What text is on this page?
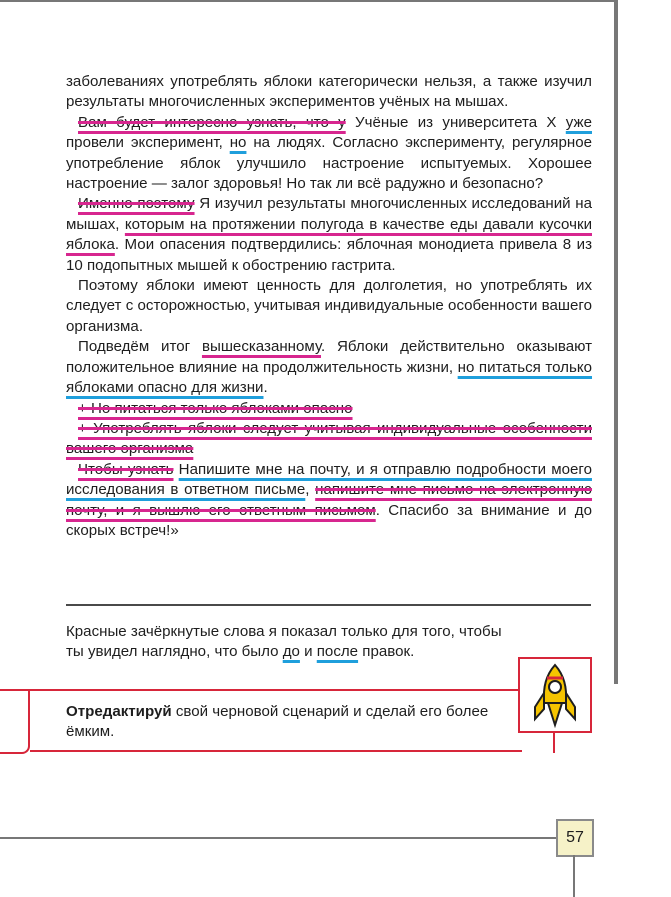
заболеваниях употреблять яблоки категорически нельзя, а также изучил результаты многочисленных экспериментов учёных на мышах.

Вам будет интересно узнать, что у Учёные из университета Х уже провели эксперимент, но на людях. Согласно эксперименту, регулярное употребление яблок улучшило настроение испытуемых. Хорошее настроение — залог здоровья! Но так ли всё радужно и безопасно?

Именно поэтому Я изучил результаты многочисленных исследований на мышах, которым на протяжении полугода в качестве еды давали кусочки яблока. Мои опасения подтвердились: яблочная монодиета привела 8 из 10 подопытных мышей к обострению гастрита.

Поэтому яблоки имеют ценность для долголетия, но употреблять их следует с осторожностью, учитывая индивидуальные особенности вашего организма.

Подведём итог вышесказанному. Яблоки действительно оказывают положительное влияние на продолжительность жизни, но питаться только яблоками опасно для жизни.

+ Но питаться только яблоками опасно

+ Употреблять яблоки следует учитывая индивидуальные особенности вашего организма

Чтобы узнать Напишите мне на почту, и я отправлю подробности моего исследования в ответном письме, напишите мне письмо на электронную почту, и я вышлю его ответным письмом. Спасибо за внимание и до скорых встреч!»

Красные зачёркнутые слова я показал только для того, чтобы ты увидел наглядно, что было до и после правок.

Отредактируй свой черновой сценарий и сделай его более ёмким.

57
